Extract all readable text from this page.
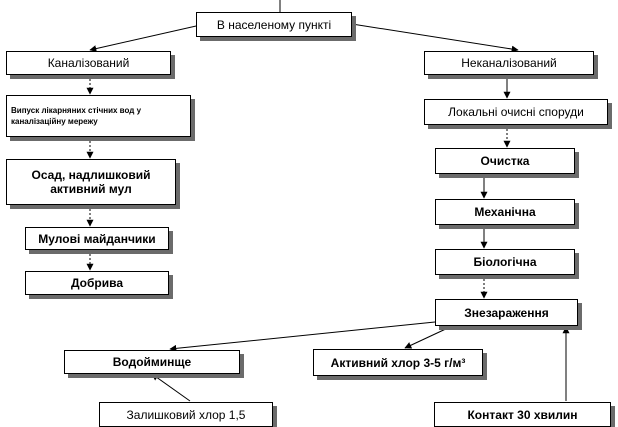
В населеному пункті
Каналізований	Неканалізований
Випуск лікарняних стічних вод у каналізаційну мережу
Осад, надлишковий активний мул
Мулові майданчики
Добрива
Локальні очисні споруди
Очистка
Механічна
Біологічна
Знезараження
Водойминще	Активний хлор 3-5 г/м³
Залишковий хлор 1,5	Контакт 30 хвилин
